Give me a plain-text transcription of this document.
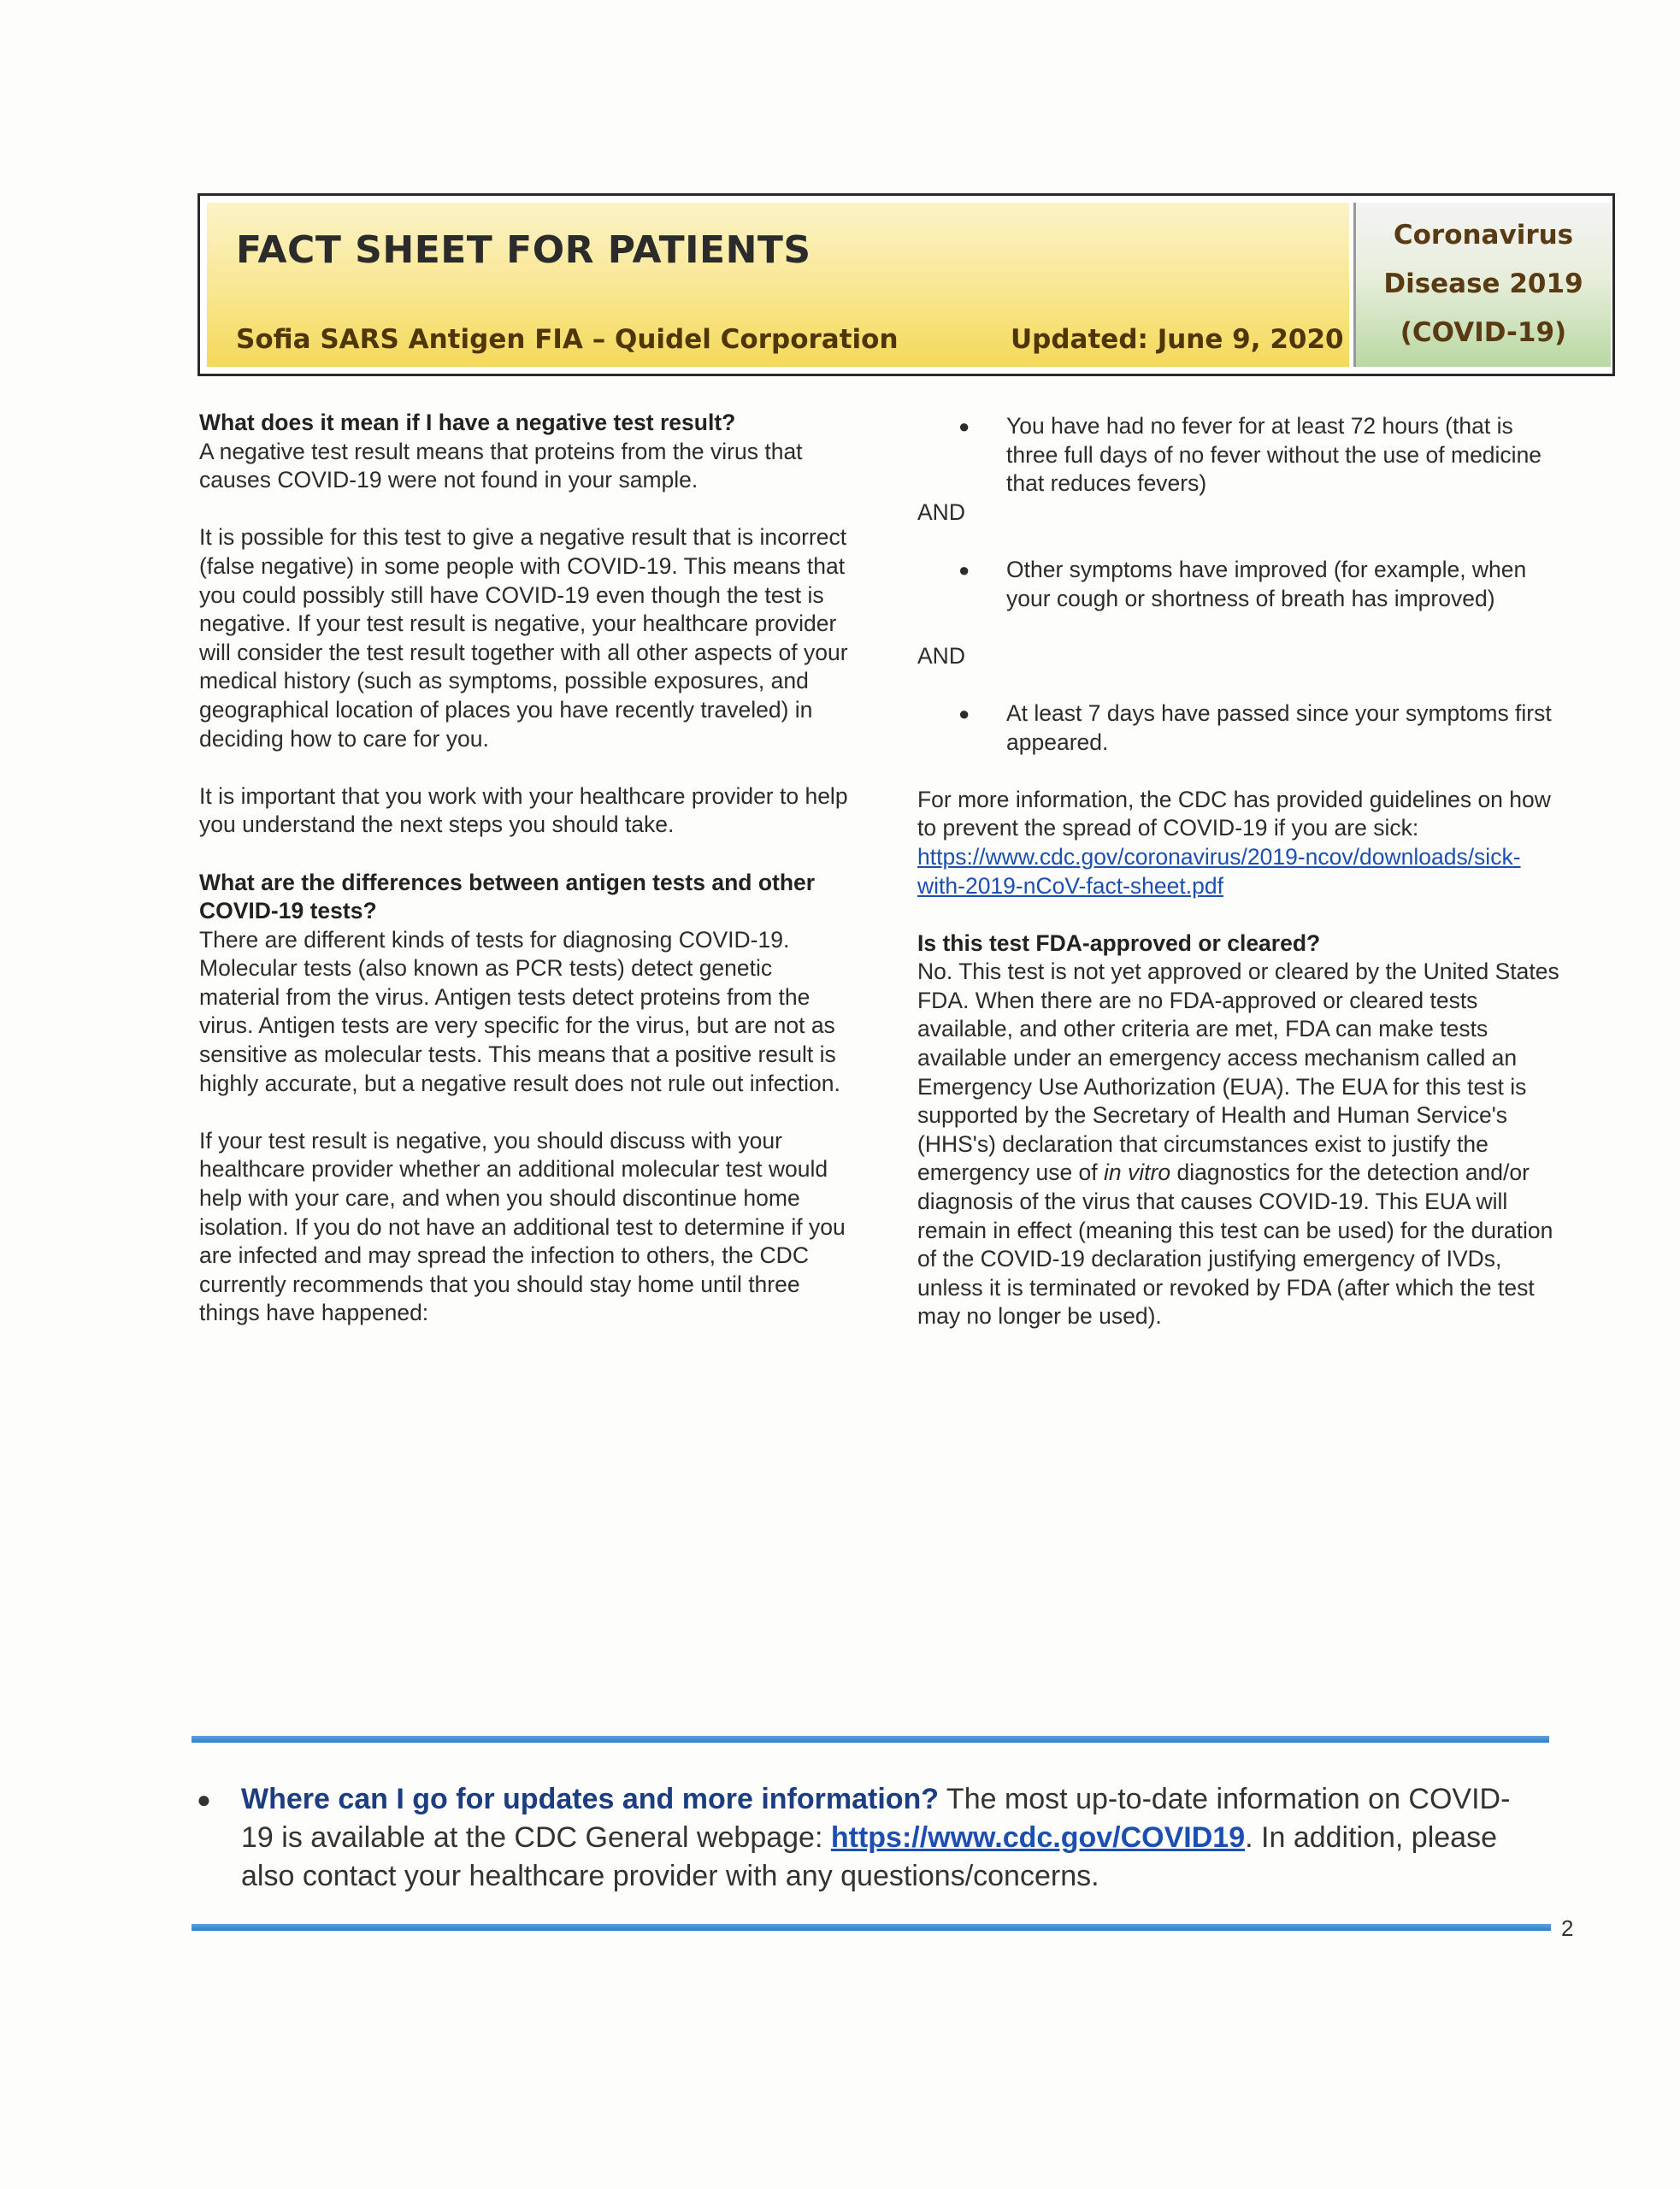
FACT SHEET FOR PATIENTS
Sofia SARS Antigen FIA – Quidel Corporation	Updated: June 9, 2020
Coronavirus
Disease 2019
(COVID-19)

What does it mean if I have a negative test result?

A negative test result means that proteins from the virus that causes COVID-19 were not found in your sample.

It is possible for this test to give a negative result that is incorrect (false negative) in some people with COVID-19. This means that you could possibly still have COVID-19 even though the test is negative. If your test result is negative, your healthcare provider will consider the test result together with all other aspects of your medical history (such as symptoms, possible exposures, and geographical location of places you have recently traveled) in deciding how to care for you.

It is important that you work with your healthcare provider to help you understand the next steps you should take.

What are the differences between antigen tests and other COVID-19 tests?

There are different kinds of tests for diagnosing COVID-19. Molecular tests (also known as PCR tests) detect genetic material from the virus. Antigen tests detect proteins from the virus. Antigen tests are very specific for the virus, but are not as sensitive as molecular tests. This means that a positive result is highly accurate, but a negative result does not rule out infection.

If your test result is negative, you should discuss with your healthcare provider whether an additional molecular test would help with your care, and when you should discontinue home isolation. If you do not have an additional test to determine if you are infected and may spread the infection to others, the CDC currently recommends that you should stay home until three things have happened:

●	You have had no fever for at least 72 hours (that is three full days of no fever without the use of medicine that reduces fevers)

AND

●	Other symptoms have improved (for example, when your cough or shortness of breath has improved)

AND

●	At least 7 days have passed since your symptoms first appeared.

For more information, the CDC has provided guidelines on how to prevent the spread of COVID-19 if you are sick: https://www.cdc.gov/coronavirus/2019-ncov/downloads/sick-with-2019-nCoV-fact-sheet.pdf

Is this test FDA-approved or cleared?

No. This test is not yet approved or cleared by the United States FDA. When there are no FDA-approved or cleared tests available, and other criteria are met, FDA can make tests available under an emergency access mechanism called an Emergency Use Authorization (EUA). The EUA for this test is supported by the Secretary of Health and Human Service's (HHS's) declaration that circumstances exist to justify the emergency use of in vitro diagnostics for the detection and/or diagnosis of the virus that causes COVID-19. This EUA will remain in effect (meaning this test can be used) for the duration of the COVID-19 declaration justifying emergency of IVDs, unless it is terminated or revoked by FDA (after which the test may no longer be used).

●	Where can I go for updates and more information? The most up-to-date information on COVID-19 is available at the CDC General webpage: https://www.cdc.gov/COVID19. In addition, please also contact your healthcare provider with any questions/concerns.
2
